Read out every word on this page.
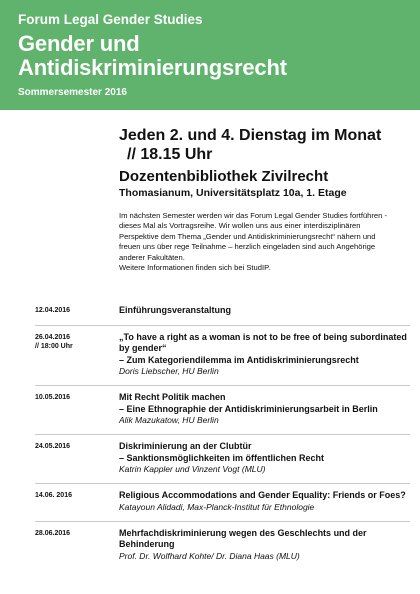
Forum Legal Gender Studies
Gender und
Antidiskriminierungsrecht
Sommersemester 2016
Jeden 2. und 4. Dienstag im Monat
// 18.15 Uhr
Dozentenbibliothek Zivilrecht
Thomasianum, Universitätsplatz 10a, 1. Etage
Im nächsten Semester werden wir das Forum Legal Gender Studies fortführen - dieses Mal als Vortragsreihe. Wir wollen uns aus einer interdisziplinären Perspektive dem Thema „Gender und Antidiskriminierungsrecht“ nähern und freuen uns über rege Teilnahme – herzlich eingeladen sind auch Angehörige anderer Fakultäten.
Weitere Informationen finden sich bei StudIP.
12.04.2016	Einführungsveranstaltung
26.04.2016
// 18:00 Uhr
„To have a right as a woman is not to be free of being subordinated by gender“
– Zum Kategoriendilemma im Antidiskriminierungsrecht
Doris Liebscher, HU Berlin
10.05.2016	Mit Recht Politik machen
– Eine Ethnographie der Antidiskriminierungsarbeit in Berlin
Alik Mazukatow, HU Berlin
24.05.2016	Diskriminierung an der Clubtür
– Sanktionsmöglichkeiten im öffentlichen Recht
Katrin Kappler und Vinzent Vogt (MLU)
14.06. 2016	Religious Accommodations and Gender Equality: Friends or Foes?
Katayoun Alidadi, Max-Planck-Institut für Ethnologie
28.06.2016	Mehrfachdiskriminierung wegen des Geschlechts und der Behinderung
Prof. Dr. Wolfhard Kohte/ Dr. Diana Haas (MLU)
